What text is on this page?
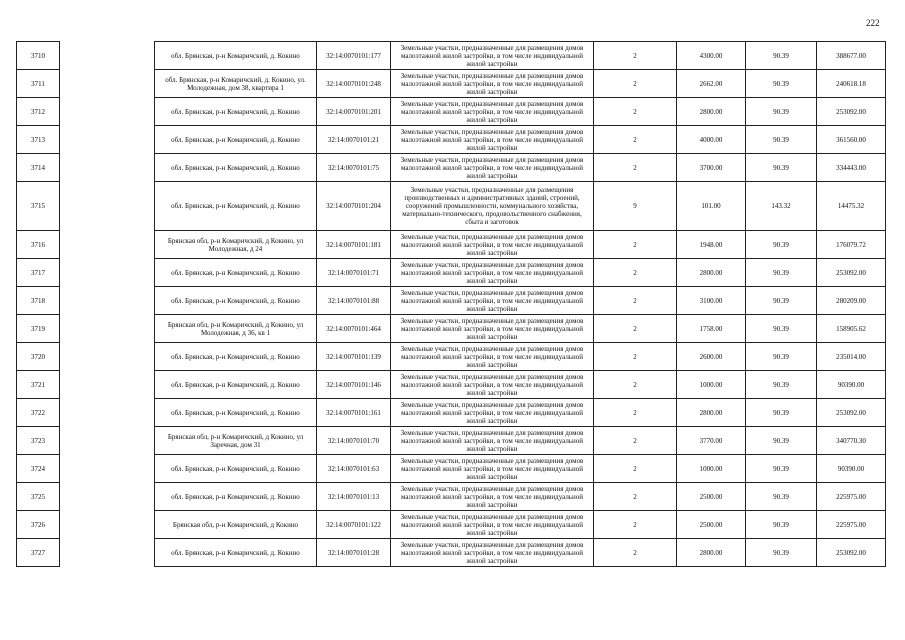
222
3710		обл. Брянская, р-н Комаричский, д. Кокино	32:14:0070101:177	Земельные участки, предназначенные для размещения домов малоэтажной жилой застройки, в том числе индивидуальной жилой застройки	2	4300.00	90.39	388677.00
3711		обл. Брянская, р-н Комаричский, д. Кокино, ул. Молодежная, дом 38, квартира 1	32:14:0070101:248	Земельные участки, предназначенные для размещения домов малоэтажной жилой застройки, в том числе индивидуальной жилой застройки	2	2662.00	90.39	240618.18
3712		обл. Брянская, р-н Комаричский, д. Кокино	32:14:0070101:201	Земельные участки, предназначенные для размещения домов малоэтажной жилой застройки, в том числе индивидуальной жилой застройки	2	2800.00	90.39	253092.00
3713		обл. Брянская, р-н Комаричский, д. Кокино	32:14:0070101:21	Земельные участки, предназначенные для размещения домов малоэтажной жилой застройки, в том числе индивидуальной жилой застройки	2	4000.00	90.39	361560.00
3714		обл. Брянская, р-н Комаричский, д. Кокино	32:14:0070101:75	Земельные участки, предназначенные для размещения домов малоэтажной жилой застройки, в том числе индивидуальной жилой застройки	2	3700.00	90.39	334443.00
3715		обл. Брянская, р-н Комаричский, д. Кокино	32:14:0070101:204	Земельные участки, предназначенные для размещения производственных и административных зданий, строений, сооружений промышленности, коммунального хозяйства, материально-технического, продовольственного снабжения, сбыта и заготовок	9	101.00	143.32	14475.32
3716		Брянская обл, р-н Комаричский, д Кокино, ул Молодежная, д 24	32:14:0070101:181	Земельные участки, предназначенные для размещения домов малоэтажной жилой застройки, в том числе индивидуальной жилой застройки	2	1948.00	90.39	176079.72
3717		обл. Брянская, р-н Комаричский, д. Кокино	32:14:0070101:71	Земельные участки, предназначенные для размещения домов малоэтажной жилой застройки, в том числе индивидуальной жилой застройки	2	2800.00	90.39	253092.00
3718		обл. Брянская, р-н Комаричский, д. Кокино	32:14:0070101:88	Земельные участки, предназначенные для размещения домов малоэтажной жилой застройки, в том числе индивидуальной жилой застройки	2	3100.00	90.39	280209.00
3719		Брянская обл, р-н Комаричский, д Кокино, ул Молодежная, д 36, кв 1	32:14:0070101:464	Земельные участки, предназначенные для размещения домов малоэтажной жилой застройки, в том числе индивидуальной жилой застройки	2	1758.00	90.39	158905.62
3720		обл. Брянская, р-н Комаричский, д. Кокино	32:14:0070101:139	Земельные участки, предназначенные для размещения домов малоэтажной жилой застройки, в том числе индивидуальной жилой застройки	2	2600.00	90.39	235014.00
3721		обл. Брянская, р-н Комаричский, д. Кокино	32:14:0070101:146	Земельные участки, предназначенные для размещения домов малоэтажной жилой застройки, в том числе индивидуальной жилой застройки	2	1000.00	90.39	90390.00
3722		обл. Брянская, р-н Комаричский, д. Кокино	32:14:0070101:161	Земельные участки, предназначенные для размещения домов малоэтажной жилой застройки, в том числе индивидуальной жилой застройки	2	2800.00	90.39	253092.00
3723		Брянская обл, р-н Комаричский, д Кокино, ул Заречная, дом 31	32:14:0070101:70	Земельные участки, предназначенные для размещения домов малоэтажной жилой застройки, в том числе индивидуальной жилой застройки	2	3770.00	90.39	340770.30
3724		обл. Брянская, р-н Комаричский, д. Кокино	32:14:0070101:63	Земельные участки, предназначенные для размещения домов малоэтажной жилой застройки, в том числе индивидуальной жилой застройки	2	1000.00	90.39	90390.00
3725		обл. Брянская, р-н Комаричский, д. Кокино	32:14:0070101:13	Земельные участки, предназначенные для размещения домов малоэтажной жилой застройки, в том числе индивидуальной жилой застройки	2	2500.00	90.39	225975.00
3726		Брянская обл, р-н Комаричский, д Кокино	32:14:0070101:122	Земельные участки, предназначенные для размещения домов малоэтажной жилой застройки, в том числе индивидуальной жилой застройки	2	2500.00	90.39	225975.00
3727		обл. Брянская, р-н Комаричский, д. Кокино	32:14:0070101:28	Земельные участки, предназначенные для размещения домов малоэтажной жилой застройки, в том числе индивидуальной жилой застройки	2	2800.00	90.39	253092.00
